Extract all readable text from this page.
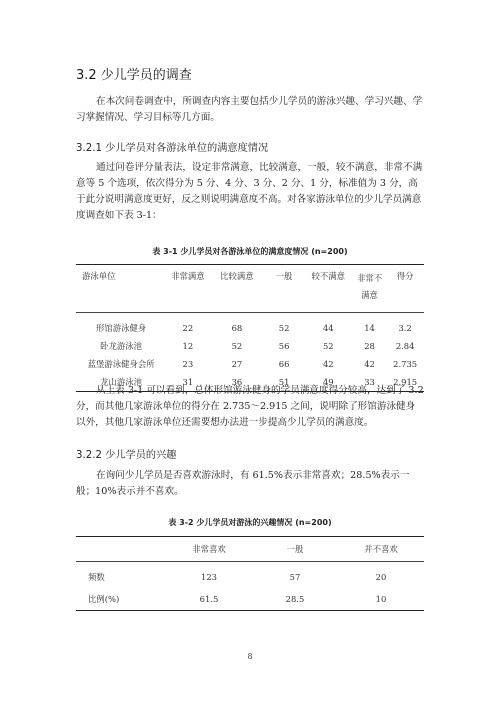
3.2 少儿学员的调查
在本次问卷调查中，所调查内容主要包括少儿学员的游泳兴趣、学习兴趣、学习掌握情况、学习目标等几方面。
3.2.1 少儿学员对各游泳单位的满意度情况
通过问卷评分量表法，设定非常满意，比较满意，一般，较不满意，非常不满意等 5 个选项，依次得分为 5 分、4 分、3 分、2 分、1 分，标准值为 3 分，高于此分说明满意度更好，反之则说明满意度不高。对各家游泳单位的少儿学员满意度调查如下表 3-1：
表 3-1 少儿学员对各游泳单位的满意度情况 (n=200)
游泳单位	非常满意	比较满意	一般	较不满意	非常不满意	得分
形馆游泳健身	22	68	52	44	14	3.2
卧龙游泳池	12	52	56	52	28	2.84
蓝堡游泳健身会所	23	27	66	42	42	2.735
龙山游泳池	31	36	51	49	33	2.915
从上表 3-1 可以看到，总体形馆游泳健身的学员满意度得分较高，达到了 3.2 分，而其他几家游泳单位的得分在 2.735～2.915 之间，说明除了形馆游泳健身以外，其他几家游泳单位还需要想办法进一步提高少儿学员的满意度。
3.2.2 少儿学员的兴趣
在询问少儿学员是否喜欢游泳时，有 61.5%表示非常喜欢；28.5%表示一般；10%表示并不喜欢。
表 3-2 少儿学员对游泳的兴趣情况 (n=200)
	非常喜欢	一般	并不喜欢
频数	123	57	20
比例(%)	61.5	28.5	10
8
